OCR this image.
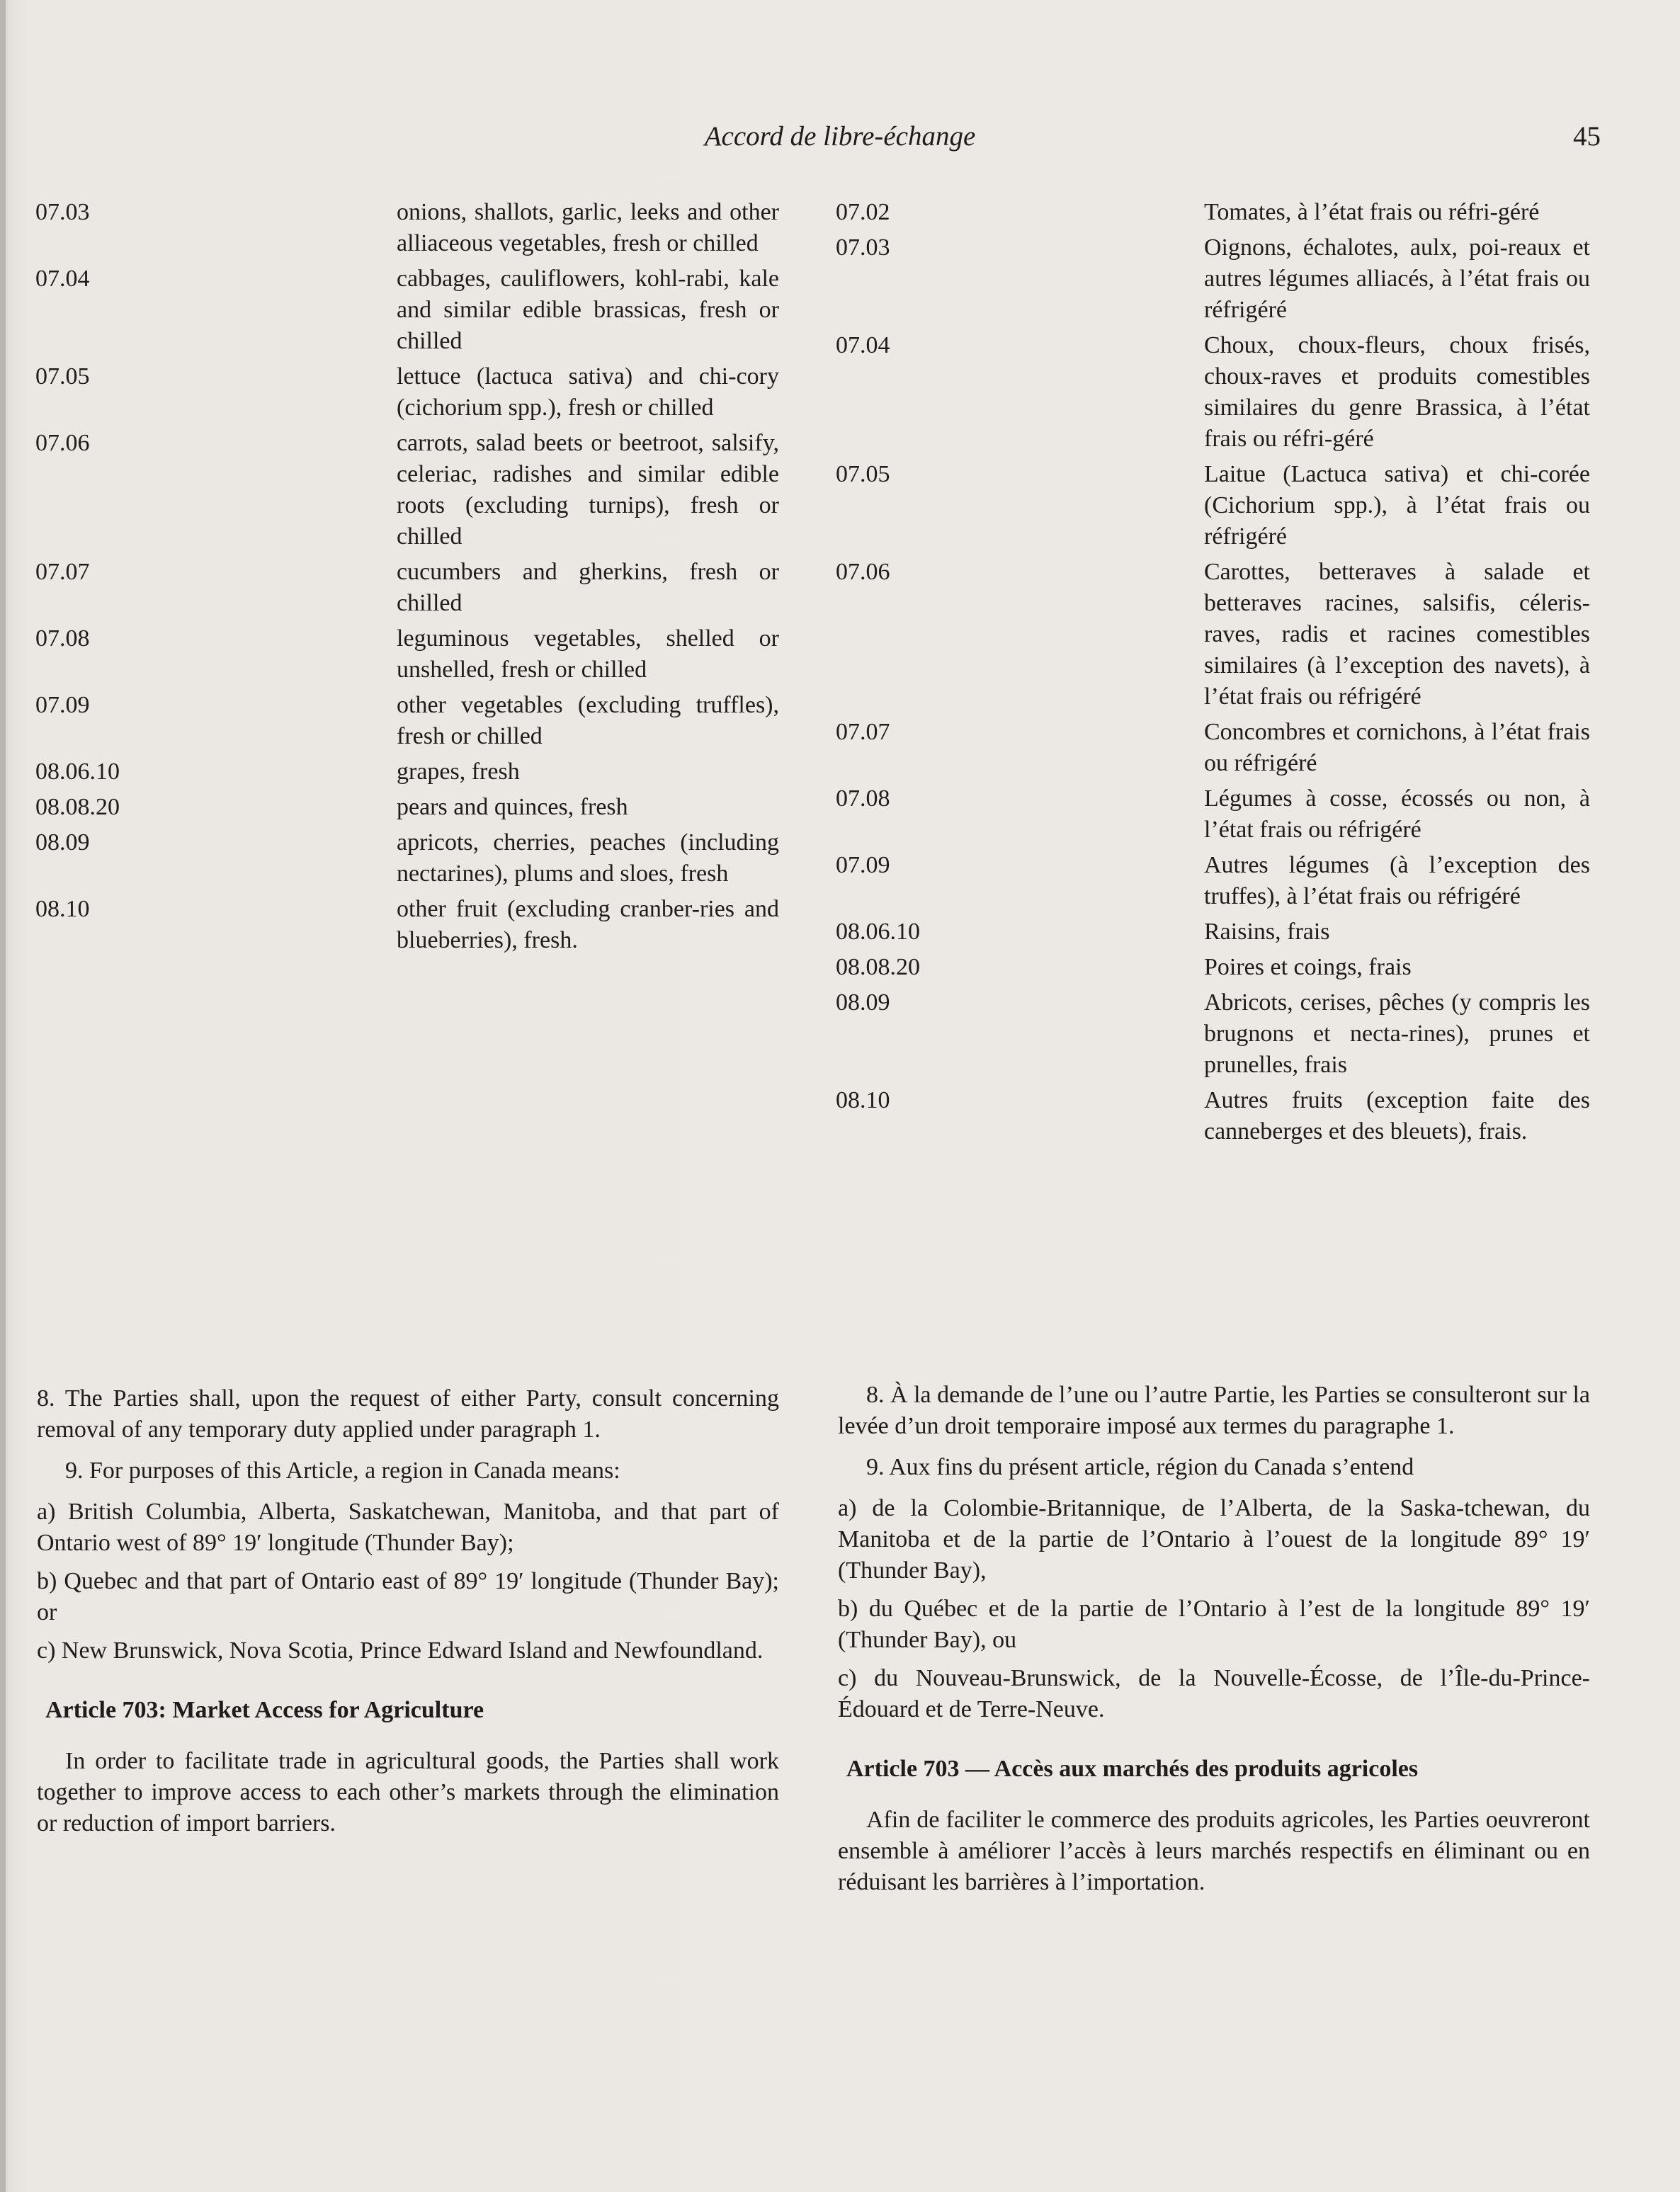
Accord de libre-échange	45
07.03	onions, shallots, garlic, leeks and other alliaceous vegetables, fresh or chilled
07.04	cabbages, cauliflowers, kohl-rabi, kale and similar edible brassicas, fresh or chilled
07.05	lettuce (lactuca sativa) and chi-cory (cichorium spp.), fresh or chilled
07.06	carrots, salad beets or beetroot, salsify, celeriac, radishes and similar edible roots (excluding turnips), fresh or chilled
07.07	cucumbers and gherkins, fresh or chilled
07.08	leguminous vegetables, shelled or unshelled, fresh or chilled
07.09	other vegetables (excluding truffles), fresh or chilled
08.06.10	grapes, fresh
08.08.20	pears and quinces, fresh
08.09	apricots, cherries, peaches (including nectarines), plums and sloes, fresh
08.10	other fruit (excluding cranber-ries and blueberries), fresh.
07.02	Tomates, à l’état frais ou réfri-géré
07.03	Oignons, échalotes, aulx, poi-reaux et autres légumes alliacés, à l’état frais ou réfrigéré
07.04	Choux, choux-fleurs, choux frisés, choux-raves et produits comestibles similaires du genre Brassica, à l’état frais ou réfri-géré
07.05	Laitue (Lactuca sativa) et chi-corée (Cichorium spp.), à l’état frais ou réfrigéré
07.06	Carottes, betteraves à salade et betteraves racines, salsifis, céleris-raves, radis et racines comestibles similaires (à l’exception des navets), à l’état frais ou réfrigéré
07.07	Concombres et cornichons, à l’état frais ou réfrigéré
07.08	Légumes à cosse, écossés ou non, à l’état frais ou réfrigéré
07.09	Autres légumes (à l’exception des truffes), à l’état frais ou réfrigéré
08.06.10	Raisins, frais
08.08.20	Poires et coings, frais
08.09	Abricots, cerises, pêches (y compris les brugnons et necta-rines), prunes et prunelles, frais
08.10	Autres fruits (exception faite des canneberges et des bleuets), frais.

8. The Parties shall, upon the request of either Party, consult concerning removal of any temporary duty applied under paragraph 1.

9. For purposes of this Article, a region in Canada means:

a) British Columbia, Alberta, Saskatchewan, Manitoba, and that part of Ontario west of 89° 19′ longitude (Thunder Bay);

b) Quebec and that part of Ontario east of 89° 19′ longitude (Thunder Bay); or

c) New Brunswick, Nova Scotia, Prince Edward Island and Newfoundland.

Article 703: Market Access for Agriculture

In order to facilitate trade in agricultural goods, the Parties shall work together to improve access to each other’s markets through the elimination or reduction of import barriers.

8. À la demande de l’une ou l’autre Partie, les Parties se consulteront sur la levée d’un droit temporaire imposé aux termes du paragraphe 1.

9. Aux fins du présent article, région du Canada s’entend

a) de la Colombie-Britannique, de l’Alberta, de la Saska-tchewan, du Manitoba et de la partie de l’Ontario à l’ouest de la longitude 89° 19′ (Thunder Bay),

b) du Québec et de la partie de l’Ontario à l’est de la longitude 89° 19′ (Thunder Bay), ou

c) du Nouveau-Brunswick, de la Nouvelle-Écosse, de l’Île-du-Prince-Édouard et de Terre-Neuve.

Article 703 — Accès aux marchés des produits agricoles

Afin de faciliter le commerce des produits agricoles, les Parties oeuvreront ensemble à améliorer l’accès à leurs marchés respectifs en éliminant ou en réduisant les barrières à l’importation.
